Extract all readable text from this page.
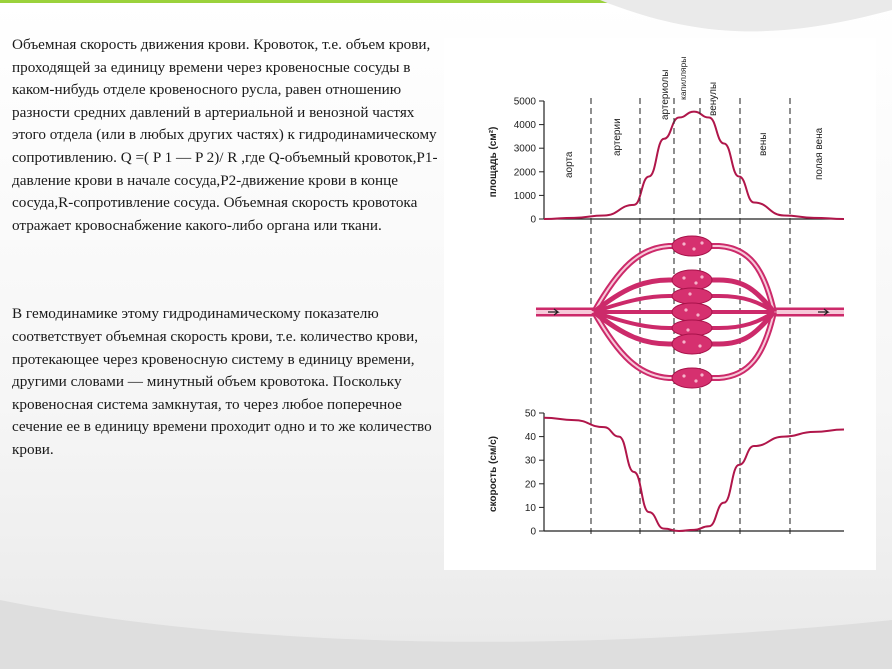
Объемная скорость движения крови. Кровоток, т.е. объем крови, проходящей за единицу времени через кровеносные сосуды в каком-нибудь отделе кровеносного русла, равен отношению разности средних давлений в артериальной и венозной частях этого отдела (или в любых других частях) к гидродинамическому сопротивлению. Q =( P 1 — P 2)/ R ,где Q-объемный кровоток,P1-давление крови в начале сосуда,P2-движение крови в конце сосуда,R-сопротивление сосуда. Объемная скорость кровотока отражает кровоснабжение какого-либо органа или ткани.

В гемодинамике этому гидродинамическому показателю соответствует объемная скорость крови, т.е. количество крови, протекающее через кровеносную систему в единицу времени, другими словами — минутный объем кровотока. Поскольку кровеносная система замкнутая, то через любое поперечное сечение ее в единицу времени проходит одно и то же количество крови.

площадь (см²)
0
1000
2000
3000
4000
5000
аорта
артерии
артериолы капилляры венулы
вены	полая вена
скорость (см/с)
0
10
20
30
40
50
